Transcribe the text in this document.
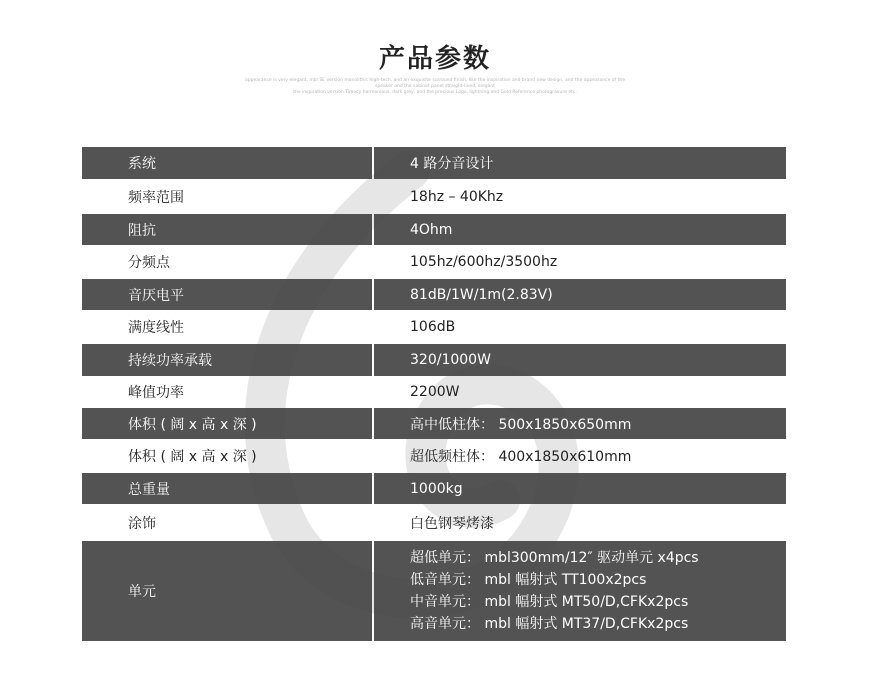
产品参数
appearance is very elegant, mbl SE version monolithic high-tech, and an exquisite surround finish, like the inspiration and brand new design, and the appearance of the
speaker and the cabinet panel straight-lined, elegant
the inspiration version Timecy harmonious, dark grey, and the precious Logo, lightning and Gold Reference photogravure etc.
系统	4 路分音设计
频率范围	18hz – 40Khz
阻抗	4Ohm
分频点	105hz/600hz/3500hz
音厌电平	81dB/1W/1m(2.83V)
满度线性	106dB
持续功率承载	320/1000W
峰值功率	2200W
体积 ( 阔 x 高 x 深 )	高中低柱体： 500x1850x650mm
体积 ( 阔 x 高 x 深 )	超低频柱体： 400x1850x610mm
总重量	1000kg
涂饰	白色钢琴烤漆
单元
超低单元： mbl300mm/12″ 驱动单元 x4pcs
低音单元： mbl 幅射式 TT100x2pcs
中音单元： mbl 幅射式 MT50/D,CFKx2pcs
高音单元： mbl 幅射式 MT37/D,CFKx2pcs
